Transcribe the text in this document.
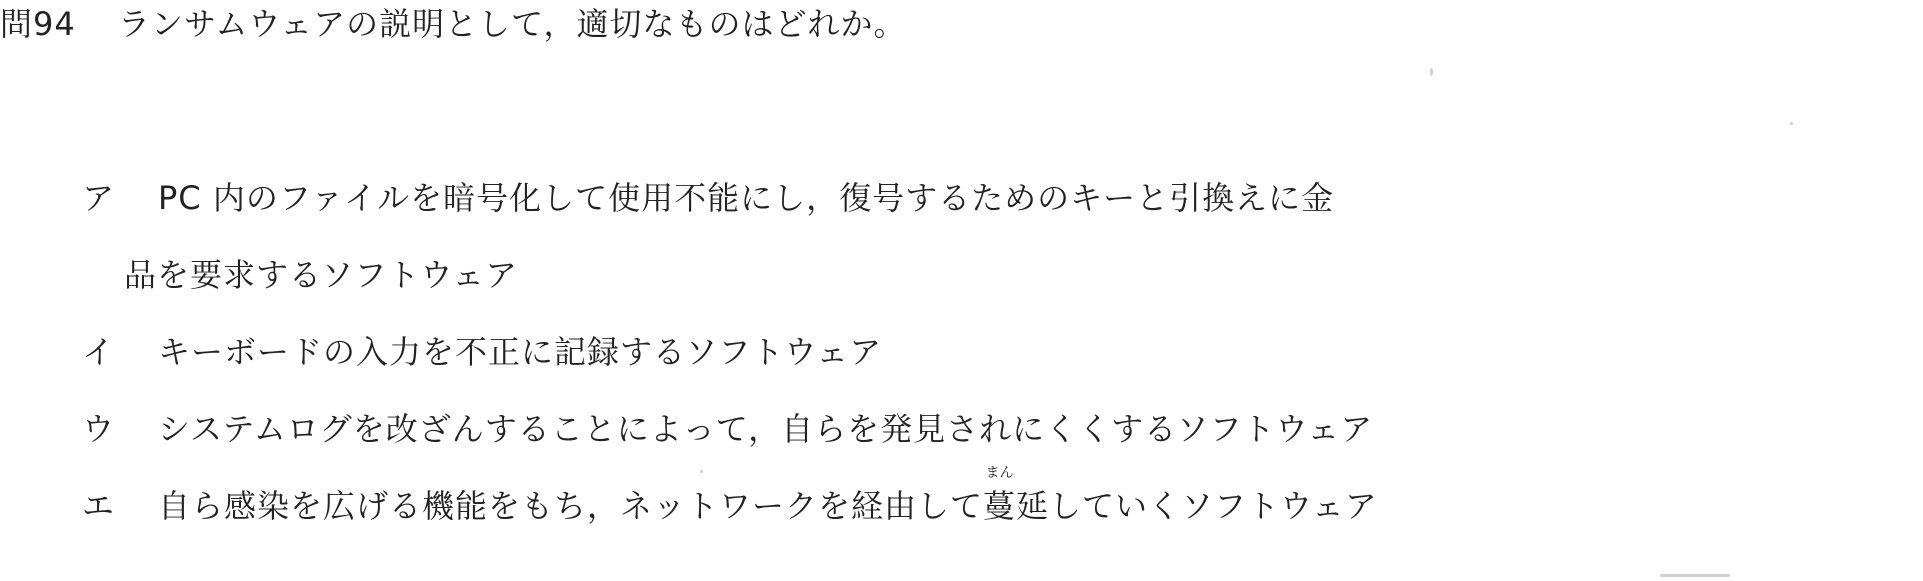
問94 ランサムウェアの説明として，適切なものはどれか。
ア PC 内のファイルを暗号化して使用不能にし，復号するためのキーと引換えに金
品を要求するソフトウェア
イ キーボードの入力を不正に記録するソフトウェア
ウ システムログを改ざんすることによって，自らを発見されにくくするソフトウェア
エ 自ら感染を広げる機能をもち，ネットワークを経由して
まん
蔓延していくソフトウェア
